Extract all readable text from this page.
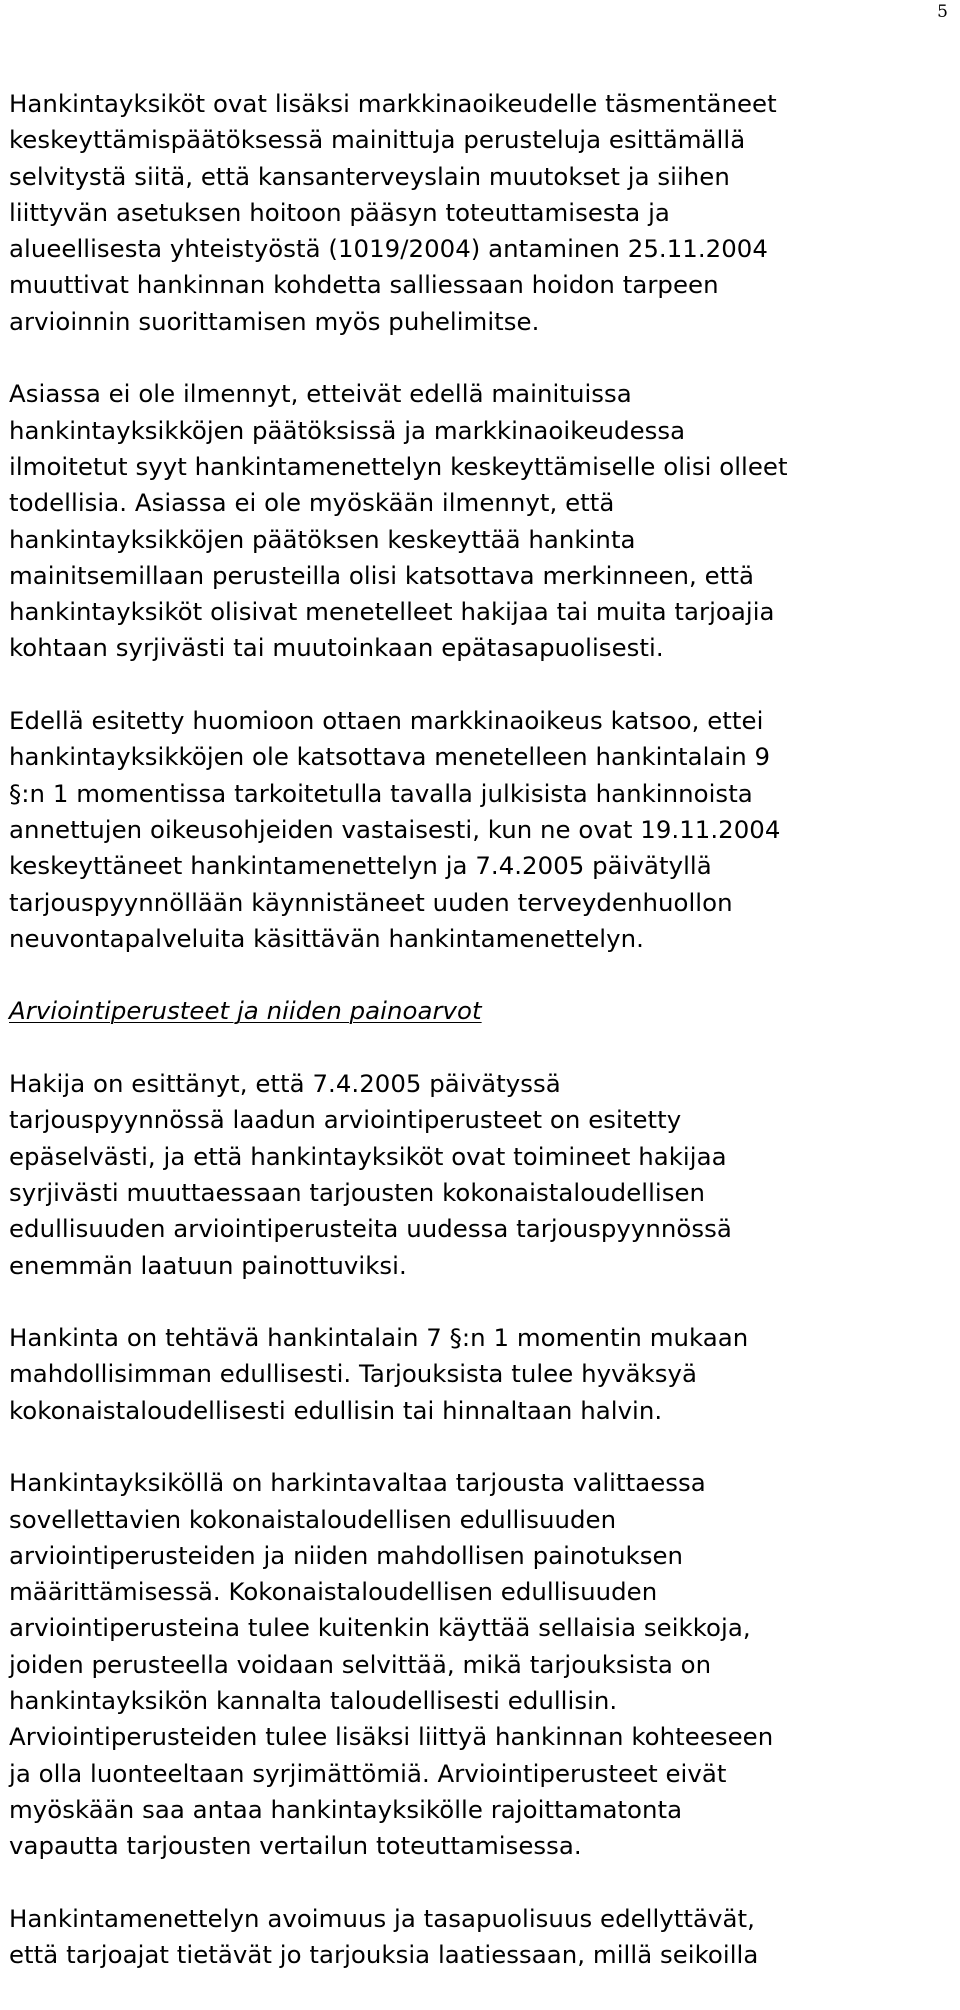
5
Hankintayksiköt ovat lisäksi markkinaoikeudelle täsmentäneet
keskeyttämispäätöksessä mainittuja perusteluja esittämällä
selvitystä siitä, että kansanterveyslain muutokset ja siihen
liittyvän asetuksen hoitoon pääsyn toteuttamisesta ja
alueellisesta yhteistyöstä (1019/2004) antaminen 25.11.2004
muuttivat hankinnan kohdetta salliessaan hoidon tarpeen
arvioinnin suorittamisen myös puhelimitse.
Asiassa ei ole ilmennyt, etteivät edellä mainituissa
hankintayksikköjen päätöksissä ja markkinaoikeudessa
ilmoitetut syyt hankintamenettelyn keskeyttämiselle olisi olleet
todellisia. Asiassa ei ole myöskään ilmennyt, että
hankintayksikköjen päätöksen keskeyttää hankinta
mainitsemillaan perusteilla olisi katsottava merkinneen, että
hankintayksiköt olisivat menetelleet hakijaa tai muita tarjoajia
kohtaan syrjivästi tai muutoinkaan epätasapuolisesti.
Edellä esitetty huomioon ottaen markkinaoikeus katsoo, ettei
hankintayksikköjen ole katsottava menetelleen hankintalain 9
§:n 1 momentissa tarkoitetulla tavalla julkisista hankinnoista
annettujen oikeusohjeiden vastaisesti, kun ne ovat 19.11.2004
keskeyttäneet hankintamenettelyn ja 7.4.2005 päivätyllä
tarjouspyynnöllään käynnistäneet uuden terveydenhuollon
neuvontapalveluita käsittävän hankintamenettelyn.
Arviointiperusteet ja niiden painoarvot
Hakija on esittänyt, että 7.4.2005 päivätyssä
tarjouspyynnössä laadun arviointiperusteet on esitetty
epäselvästi, ja että hankintayksiköt ovat toimineet hakijaa
syrjivästi muuttaessaan tarjousten kokonaistaloudellisen
edullisuuden arviointiperusteita uudessa tarjouspyynnössä
enemmän laatuun painottuviksi.
Hankinta on tehtävä hankintalain 7 §:n 1 momentin mukaan
mahdollisimman edullisesti. Tarjouksista tulee hyväksyä
kokonaistaloudellisesti edullisin tai hinnaltaan halvin.
Hankintayksiköllä on harkintavaltaa tarjousta valittaessa
sovellettavien kokonaistaloudellisen edullisuuden
arviointiperusteiden ja niiden mahdollisen painotuksen
määrittämisessä. Kokonaistaloudellisen edullisuuden
arviointiperusteina tulee kuitenkin käyttää sellaisia seikkoja,
joiden perusteella voidaan selvittää, mikä tarjouksista on
hankintayksikön kannalta taloudellisesti edullisin.
Arviointiperusteiden tulee lisäksi liittyä hankinnan kohteeseen
ja olla luonteeltaan syrjimättömiä. Arviointiperusteet eivät
myöskään saa antaa hankintayksikölle rajoittamatonta
vapautta tarjousten vertailun toteuttamisessa.
Hankintamenettelyn avoimuus ja tasapuolisuus edellyttävät,
että tarjoajat tietävät jo tarjouksia laatiessaan, millä seikoilla
